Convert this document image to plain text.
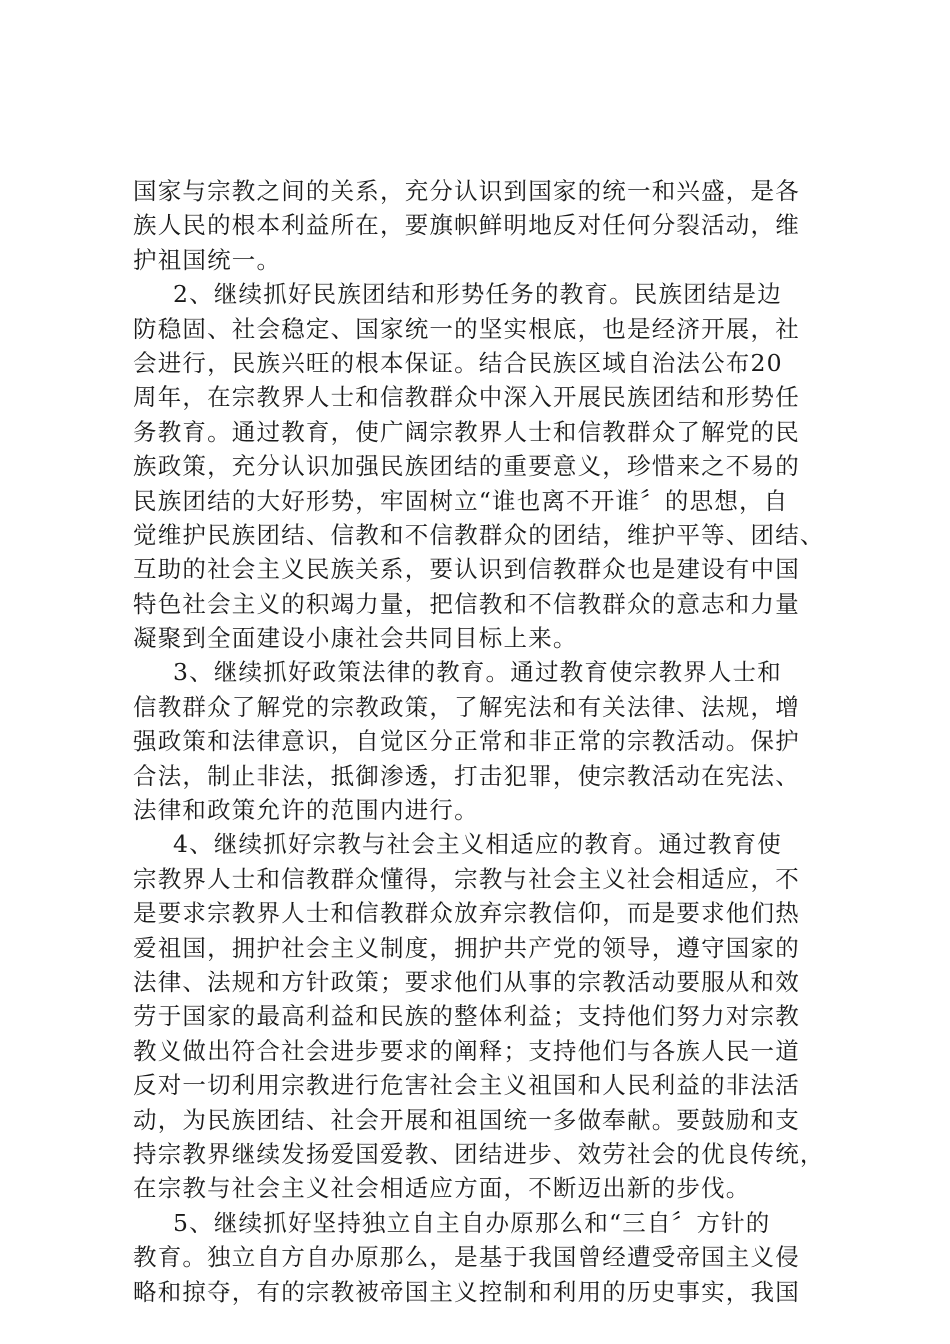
国家与宗教之间的关系，充分认识到国家的统一和兴盛，是各
族人民的根本利益所在，要旗帜鲜明地反对任何分裂活动，维
护祖国统一。
2、继续抓好民族团结和形势任务的教育。民族团结是边
防稳固、社会稳定、国家统一的坚实根底，也是经济开展，社
会进行，民族兴旺的根本保证。结合民族区域自治法公布20
周年，在宗教界人士和信教群众中深入开展民族团结和形势任
务教育。通过教育，使广阔宗教界人士和信教群众了解党的民
族政策，充分认识加强民族团结的重要意义，珍惜来之不易的
民族团结的大好形势，牢固树立“谁也离不开谁〞的思想，自
觉维护民族团结、信教和不信教群众的团结，维护平等、团结、
互助的社会主义民族关系，要认识到信教群众也是建设有中国
特色社会主义的积竭力量，把信教和不信教群众的意志和力量
凝聚到全面建设小康社会共同目标上来。
3、继续抓好政策法律的教育。通过教育使宗教界人士和
信教群众了解党的宗教政策，了解宪法和有关法律、法规，增
强政策和法律意识，自觉区分正常和非正常的宗教活动。保护
合法，制止非法，抵御渗透，打击犯罪，使宗教活动在宪法、
法律和政策允许的范围内进行。
4、继续抓好宗教与社会主义相适应的教育。通过教育使
宗教界人士和信教群众懂得，宗教与社会主义社会相适应，不
是要求宗教界人士和信教群众放弃宗教信仰，而是要求他们热
爱祖国，拥护社会主义制度，拥护共产党的领导，遵守国家的
法律、法规和方针政策；要求他们从事的宗教活动要服从和效
劳于国家的最高利益和民族的整体利益；支持他们努力对宗教
教义做出符合社会进步要求的阐释；支持他们与各族人民一道
反对一切利用宗教进行危害社会主义祖国和人民利益的非法活
动，为民族团结、社会开展和祖国统一多做奉献。要鼓励和支
持宗教界继续发扬爱国爱教、团结进步、效劳社会的优良传统，
在宗教与社会主义社会相适应方面，不断迈出新的步伐。
5、继续抓好坚持独立自主自办原那么和“三自〞方针的
教育。独立自方自办原那么，是基于我国曾经遭受帝国主义侵
略和掠夺，有的宗教被帝国主义控制和利用的历史事实，我国
